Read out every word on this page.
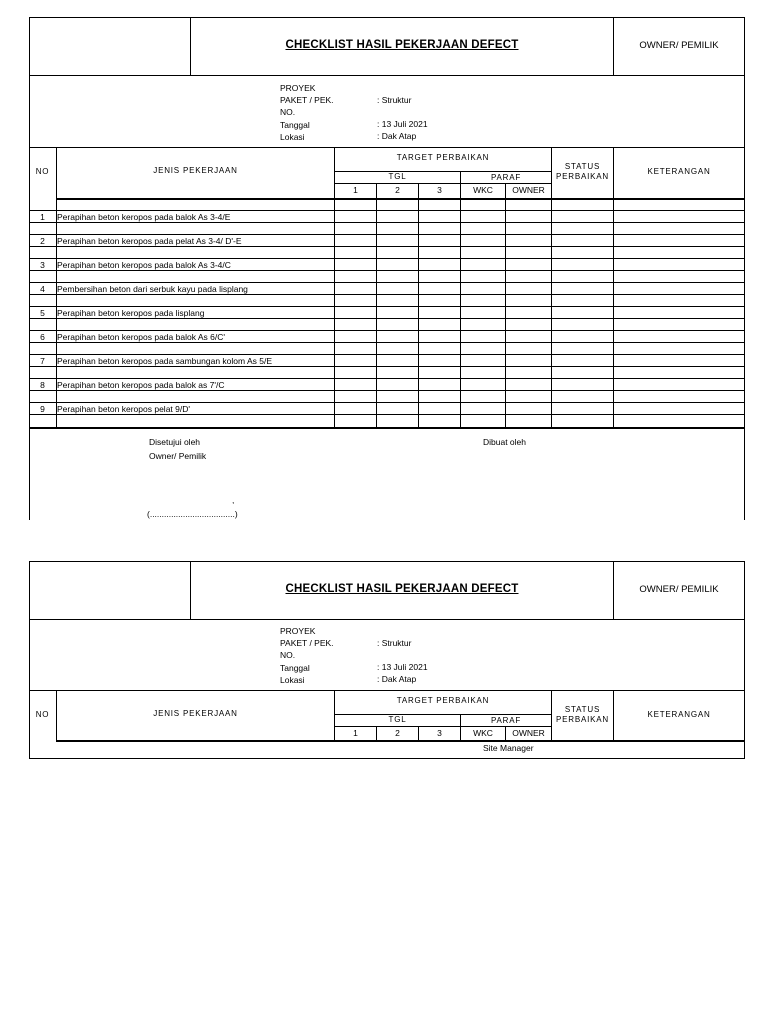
CHECKLIST HASIL PEKERJAAN DEFECT	OWNER/ PEMILIK
PROYEK
PAKET / PEK.	: Struktur
NO.
Tanggal	: 13 Juli 2021
Lokasi	: Dak Atap
NO	JENIS PEKERJAAN
TARGET PERBAIKAN
TGL	PARAF
1	2	3	WKC	OWNER
STATUS
PERBAIKAN
KETERANGAN
1	Perapihan beton keropos pada balok As 3-4/E
2	Perapihan beton keropos pada pelat As 3-4/ D'-E
3	Perapihan beton keropos pada balok As 3-4/C
4	Pembersihan beton dari serbuk kayu pada lisplang
5	Perapihan beton keropos pada lisplang
6	Perapihan beton keropos pada balok As 6/C'
7	Perapihan beton keropos pada sambungan kolom As 5/E
8	Perapihan beton keropos pada balok as 7'/C
9	Perapihan beton keropos pelat 9/D'
Disetujui oleh
Owner/ Pemilik
Dibuat oleh
,
(....................................)
CHECKLIST HASIL PEKERJAAN DEFECT	OWNER/ PEMILIK
PROYEK
PAKET / PEK.	: Struktur
NO.
Tanggal	: 13 Juli 2021
Lokasi	: Dak Atap
NO	JENIS PEKERJAAN
TARGET PERBAIKAN
TGL	PARAF
1	2	3	WKC	OWNER
STATUS
PERBAIKAN
KETERANGAN
Site Manager
